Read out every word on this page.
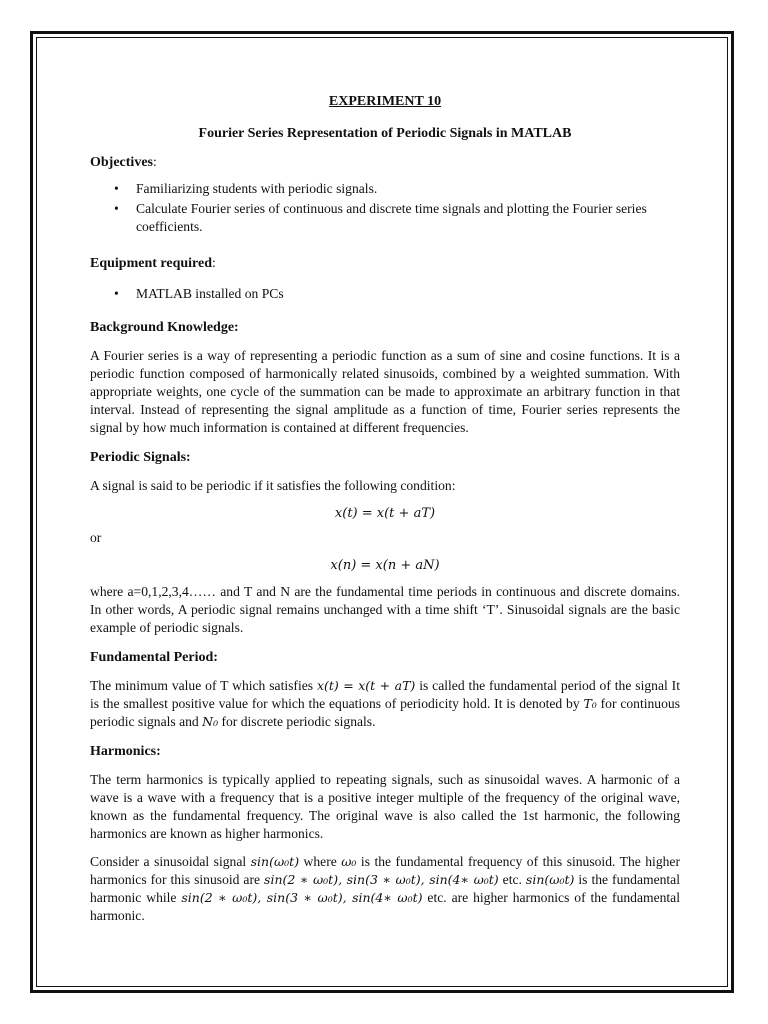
EXPERIMENT 10
Fourier Series Representation of Periodic Signals in MATLAB
Objectives:
• Familiarizing students with periodic signals.
• Calculate Fourier series of continuous and discrete time signals and plotting the Fourier series coefficients.
Equipment required:
• MATLAB installed on PCs
Background Knowledge:

A Fourier series is a way of representing a periodic function as a sum of sine and cosine functions. It is a periodic function composed of harmonically related sinusoids, combined by a weighted summation. With appropriate weights, one cycle of the summation can be made to approximate an arbitrary function in that interval. Instead of representing the signal amplitude as a function of time, Fourier series represents the signal by how much information is contained at different frequencies.

Periodic Signals:

A signal is said to be periodic if it satisfies the following condition:

x(t) = x(t + aT)

or

x(n) = x(n + aN)

where a=0,1,2,3,4…… and T and N are the fundamental time periods in continuous and discrete domains. In other words, A periodic signal remains unchanged with a time shift ‘T’. Sinusoidal signals are the basic example of periodic signals.

Fundamental Period:

The minimum value of T which satisfies x(t) = x(t + aT) is called the fundamental period of the signal It is the smallest positive value for which the equations of periodicity hold. It is denoted by T₀ for continuous periodic signals and N₀ for discrete periodic signals.

Harmonics:

The term harmonics is typically applied to repeating signals, such as sinusoidal waves. A harmonic of a wave is a wave with a frequency that is a positive integer multiple of the frequency of the original wave, known as the fundamental frequency. The original wave is also called the 1st harmonic, the following harmonics are known as higher harmonics.

Consider a sinusoidal signal sin(ω₀t) where ω₀ is the fundamental frequency of this sinusoid. The higher harmonics for this sinusoid are sin(2 ∗ ω₀t), sin(3 ∗ ω₀t), sin(4∗ ω₀t) etc. sin(ω₀t) is the fundamental harmonic while sin(2 ∗ ω₀t), sin(3 ∗ ω₀t), sin(4∗ ω₀t) etc. are higher harmonics of the fundamental harmonic.
